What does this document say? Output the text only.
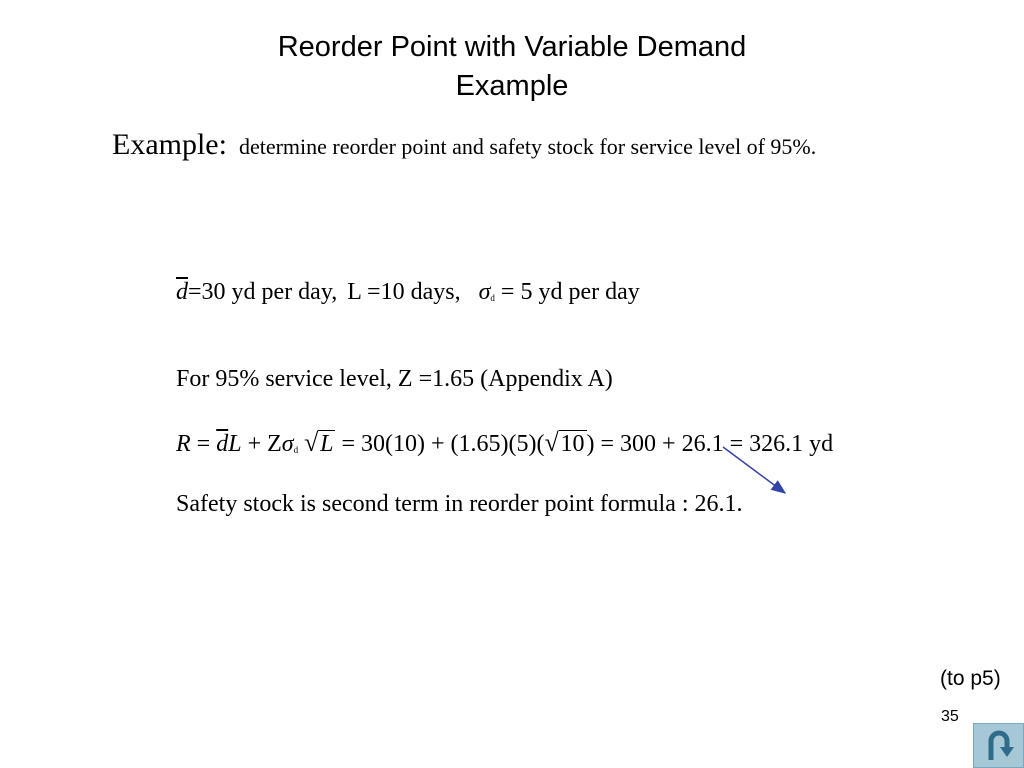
Reorder Point with Variable Demand
Example
Example: determine reorder point and safety stock for service level of 95%.
$\overline{d}=30$ yd per day, L =10 days, $\sigma_d = 5$ yd per day
For 95% service level, Z =1.65 (Appendix A)
$R = \overline{d}L + Z\sigma_d$ √ L = 30(10) + (1.65)(5)( √ 10) = 300 + 26.1 = 326.1 yd
Safety stock is second term in reorder point formula : 26.1.
(to p5)
35
